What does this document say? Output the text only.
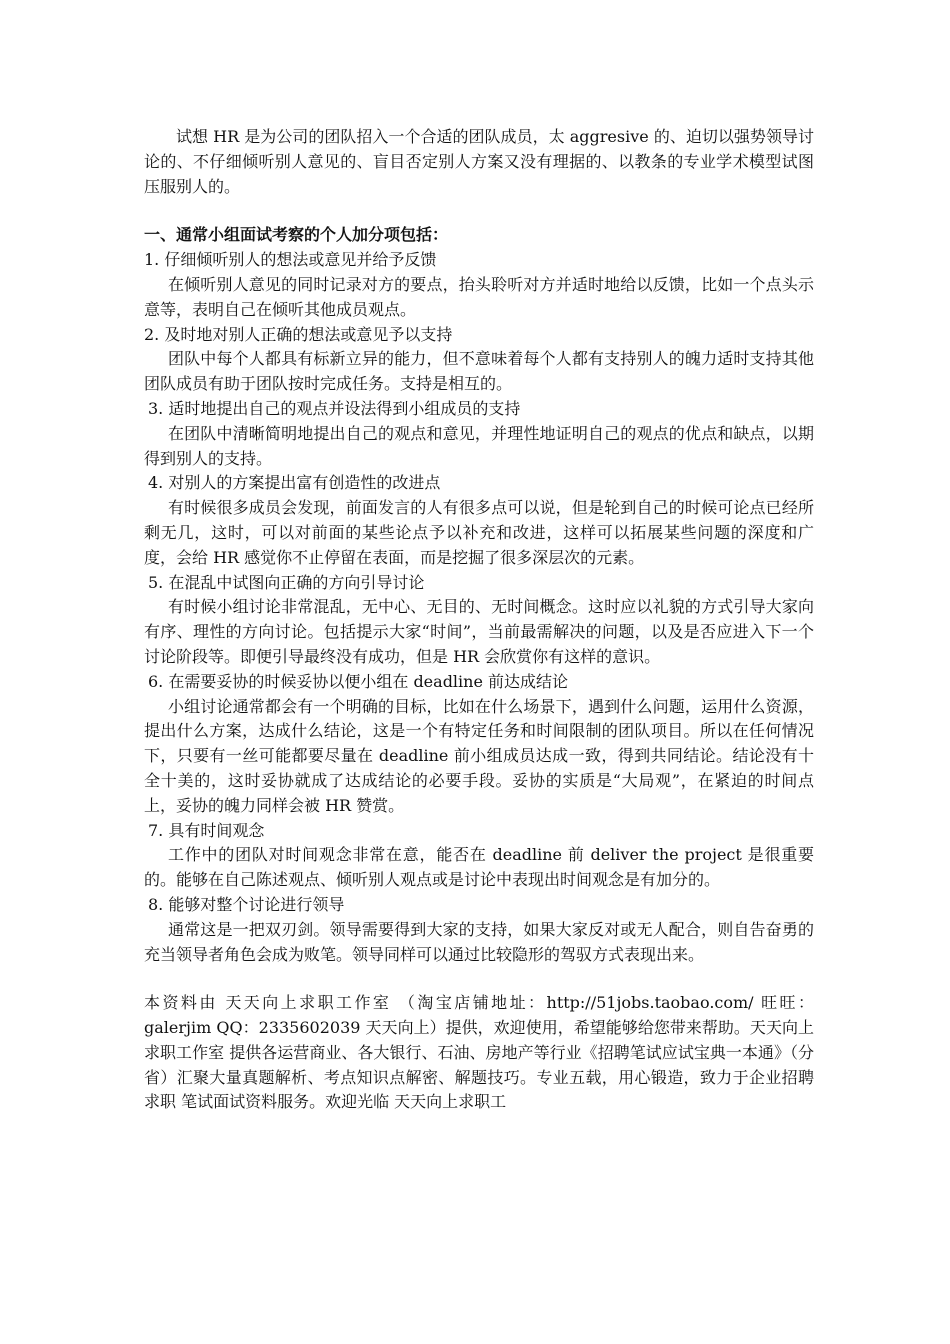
试想 HR 是为公司的团队招入一个合适的团队成员，太 aggresive 的、迫切以强势领导讨论的、不仔细倾听别人意见的、盲目否定别人方案又没有理据的、以教条的专业学术模型试图压服别人的。

一、通常小组面试考察的个人加分项包括：

1. 仔细倾听别人的想法或意见并给予反馈

在倾听别人意见的同时记录对方的要点，抬头聆听对方并适时地给以反馈，比如一个点头示意等，表明自己在倾听其他成员观点。

2. 及时地对别人正确的想法或意见予以支持

团队中每个人都具有标新立异的能力，但不意味着每个人都有支持别人的魄力适时支持其他团队成员有助于团队按时完成任务。支持是相互的。

3. 适时地提出自己的观点并设法得到小组成员的支持

在团队中清晰简明地提出自己的观点和意见，并理性地证明自己的观点的优点和缺点，以期得到别人的支持。

4. 对别人的方案提出富有创造性的改进点

有时候很多成员会发现，前面发言的人有很多点可以说，但是轮到自己的时候可论点已经所剩无几，这时，可以对前面的某些论点予以补充和改进，这样可以拓展某些问题的深度和广度，会给 HR 感觉你不止停留在表面，而是挖掘了很多深层次的元素。

5. 在混乱中试图向正确的方向引导讨论

有时候小组讨论非常混乱，无中心、无目的、无时间概念。这时应以礼貌的方式引导大家向有序、理性的方向讨论。包括提示大家“时间”，当前最需解决的问题，以及是否应进入下一个讨论阶段等。即便引导最终没有成功，但是 HR 会欣赏你有这样的意识。

6. 在需要妥协的时候妥协以便小组在 deadline 前达成结论

小组讨论通常都会有一个明确的目标，比如在什么场景下，遇到什么问题，运用什么资源，提出什么方案，达成什么结论，这是一个有特定任务和时间限制的团队项目。所以在任何情况下，只要有一丝可能都要尽量在 deadline 前小组成员达成一致，得到共同结论。结论没有十全十美的，这时妥协就成了达成结论的必要手段。妥协的实质是“大局观”，在紧迫的时间点上，妥协的魄力同样会被 HR 赞赏。

7. 具有时间观念

工作中的团队对时间观念非常在意，能否在 deadline 前 deliver the project 是很重要的。能够在自己陈述观点、倾听别人观点或是讨论中表现出时间观念是有加分的。

8. 能够对整个讨论进行领导

通常这是一把双刃剑。领导需要得到大家的支持，如果大家反对或无人配合，则自告奋勇的充当领导者角色会成为败笔。领导同样可以通过比较隐形的驾驭方式表现出来。

本资料由 天天向上求职工作室 （淘宝店铺地址：http://51jobs.taobao.com/ 旺旺：galerjim QQ：2335602039 天天向上）提供，欢迎使用，希望能够给您带来帮助。天天向上求职工作室 提供各运营商业、各大银行、石油、房地产等行业《招聘笔试应试宝典一本通》（分省）汇聚大量真题解析、考点知识点解密、解题技巧。专业五载，用心锻造，致力于企业招聘求职 笔试面试资料服务。欢迎光临 天天向上求职工
